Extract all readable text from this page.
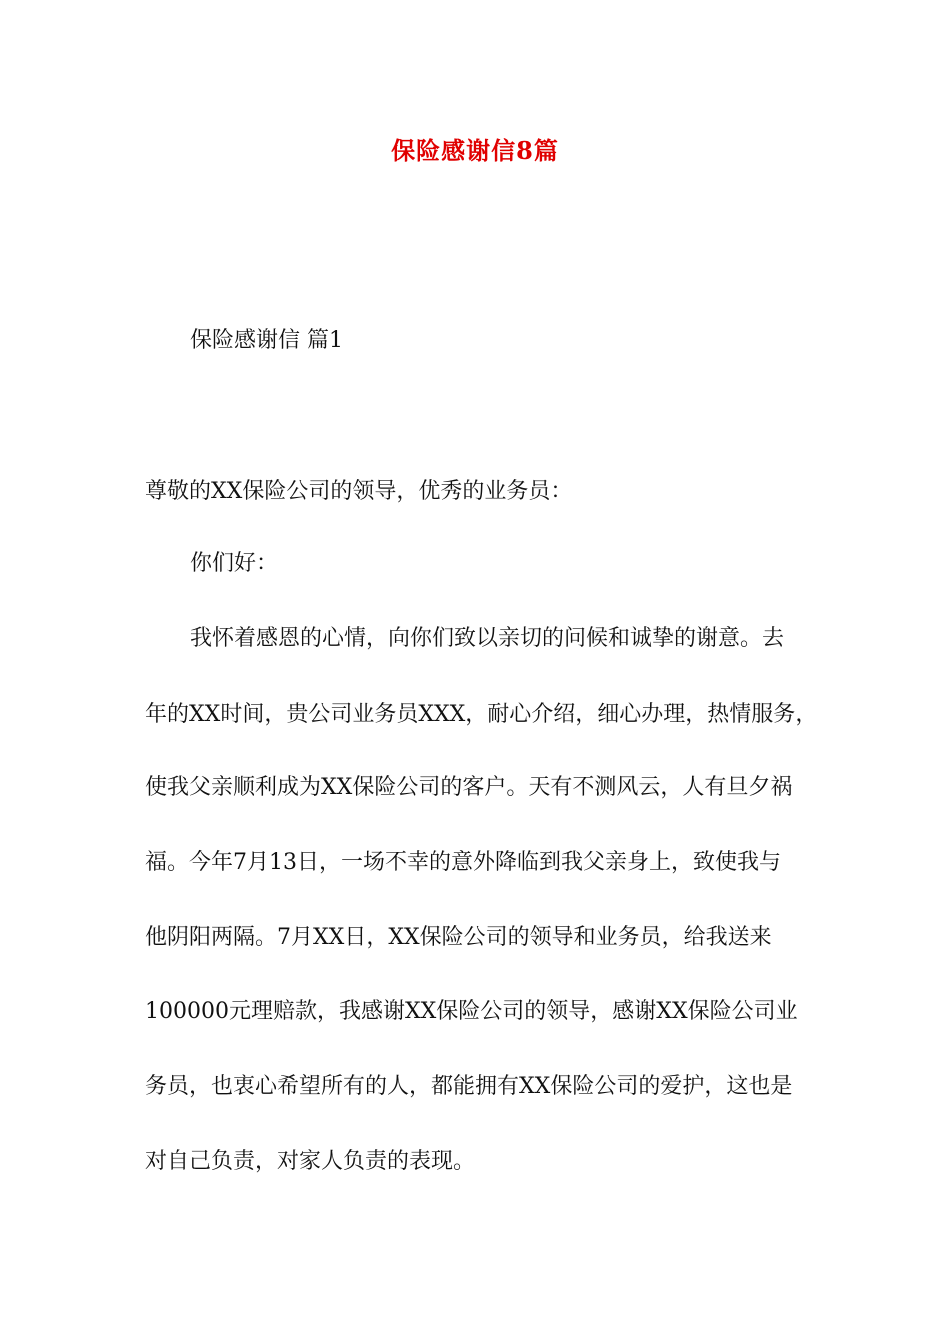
保险感谢信8篇
保险感谢信 篇1
尊敬的XX保险公司的领导，优秀的业务员：
你们好：
我怀着感恩的心情，向你们致以亲切的问候和诚挚的谢意。去
年的XX时间，贵公司业务员XXX，耐心介绍，细心办理，热情服务，
使我父亲顺利成为XX保险公司的客户。天有不测风云，人有旦夕祸
福。今年7月13日，一场不幸的意外降临到我父亲身上，致使我与
他阴阳两隔。7月XX日，XX保险公司的领导和业务员，给我送来
100000元理赔款，我感谢XX保险公司的领导，感谢XX保险公司业
务员，也衷心希望所有的人，都能拥有XX保险公司的爱护，这也是
对自己负责，对家人负责的表现。
